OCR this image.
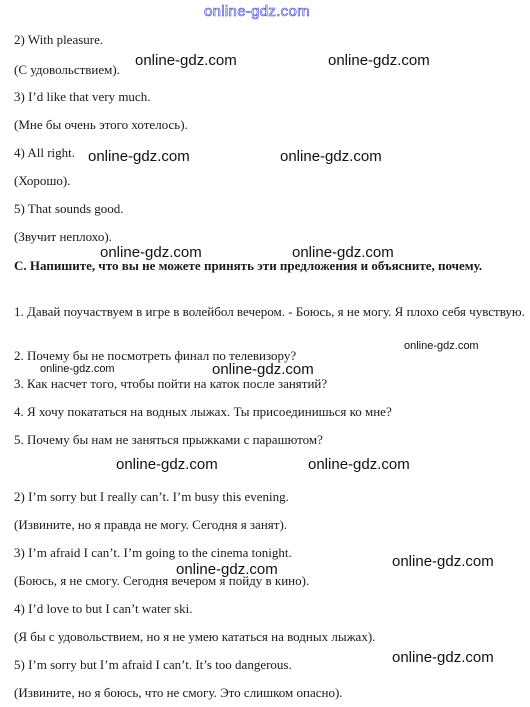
online-gdz.com
2) With pleasure.
(С удовольствием).
3) I’d like that very much.
(Мне бы очень этого хотелось).
4) All right.
(Хорошо).
5) That sounds good.
(Звучит неплохо).
C. Напишите, что вы не можете принять эти предложения и объясните, почему.
1. Давай поучаствуем в игре в волейбол вечером. - Боюсь, я не могу. Я плохо себя чувствую.
2. Почему бы не посмотреть финал по телевизору?
3. Как насчет того, чтобы пойти на каток после занятий?
4. Я хочу покататься на водных лыжах. Ты присоединишься ко мне?
5. Почему бы нам не заняться прыжками с парашютом?
2) I’m sorry but I really can’t. I’m busy this evening.
(Извините, но я правда не могу. Сегодня я занят).
3) I’m afraid I can’t. I’m going to the cinema tonight.
(Боюсь, я не смогу. Сегодня вечером я пойду в кино).
4) I’d love to but I can’t water ski.
(Я бы с удовольствием, но я не умею кататься на водных лыжах).
5) I’m sorry but I’m afraid I can’t. It’s too dangerous.
(Извините, но я боюсь, что не смогу. Это слишком опасно).
online-gdz.com	online-gdz.com
online-gdz.com	online-gdz.com
online-gdz.com	online-gdz.com
online-gdz.com
online-gdz.com	online-gdz.com
online-gdz.com	online-gdz.com
online-gdz.com
online-gdz.com
online-gdz.com
